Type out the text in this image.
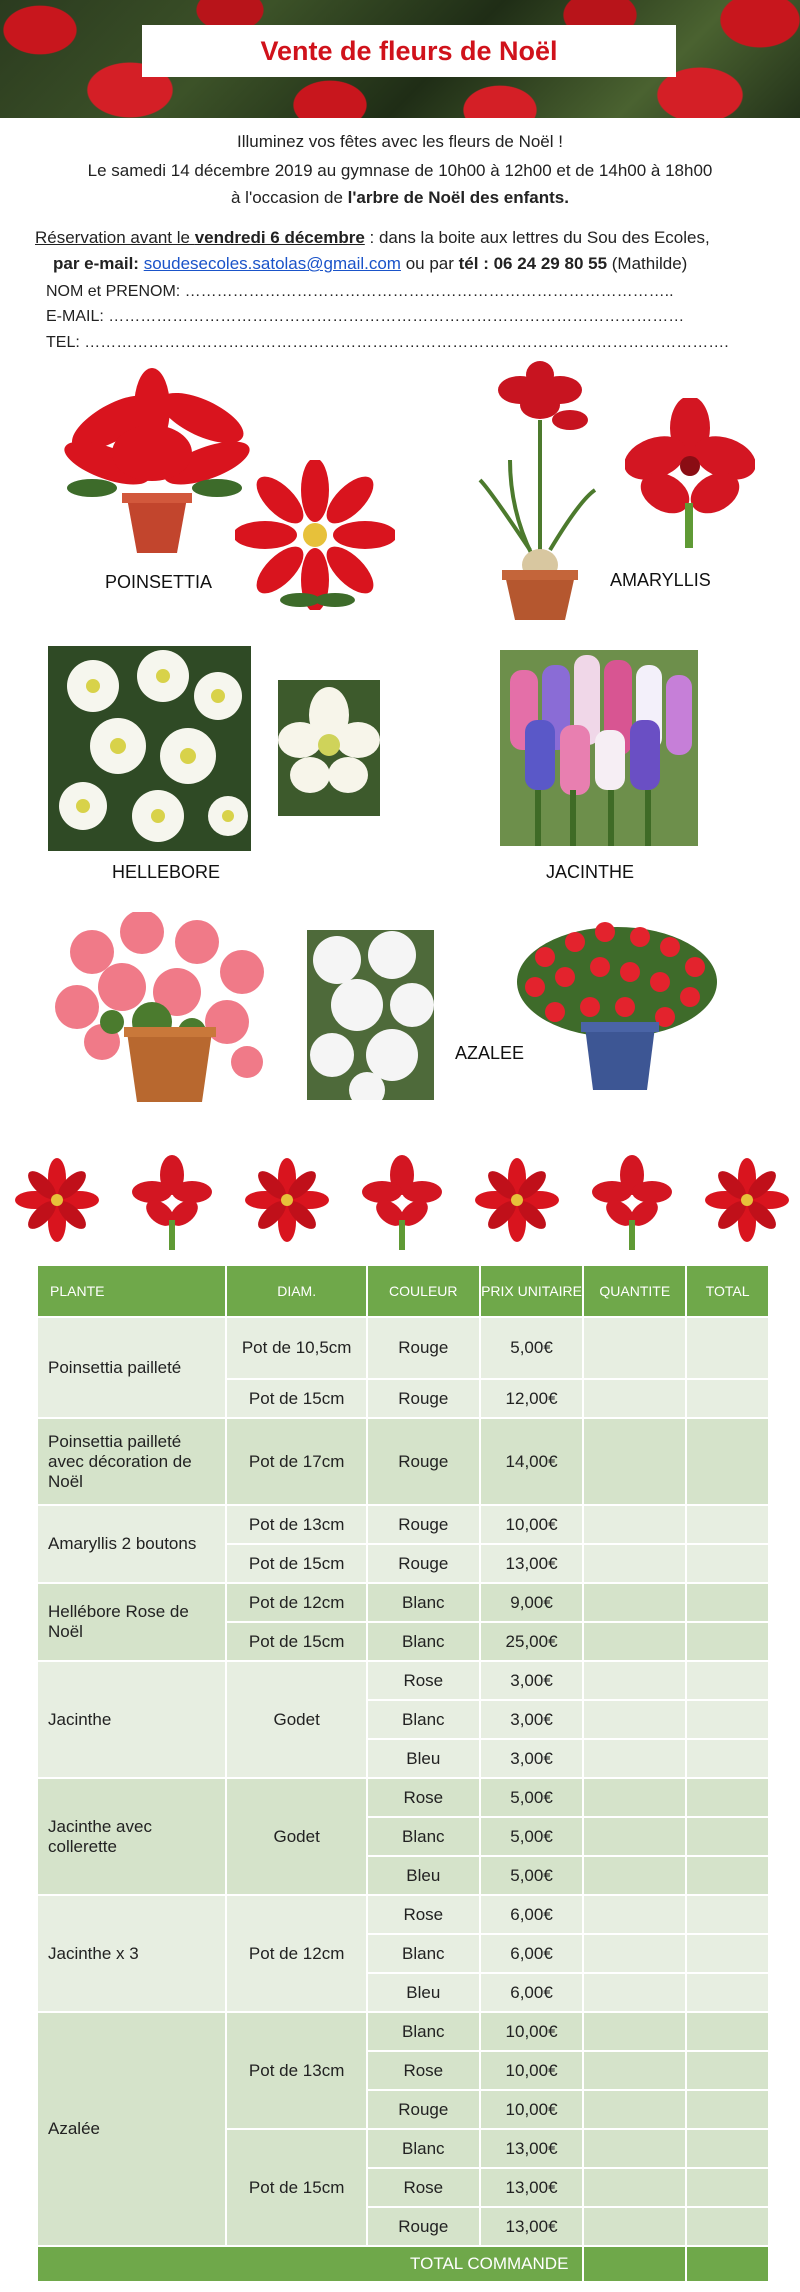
Vente de fleurs de Noël
Illuminez vos fêtes avec les fleurs de Noël !
Le samedi 14 décembre 2019 au gymnase de 10h00 à 12h00 et de 14h00 à 18h00
à l'occasion de l'arbre de Noël des enfants.
Réservation avant le vendredi 6 décembre : dans la boite aux lettres du Sou des Ecoles,
par e-mail: soudesecoles.satolas@gmail.com ou par tél : 06 24 29 80 55 (Mathilde)
NOM et PRENOM: ………………………………………………………………………………..
E-MAIL: ………………………………………………………………………………………………
TEL: ………………………………………………………………………………………………………….
POINSETTIA	AMARYLLIS
HELLEBORE	JACINTHE
AZALEE
PLANTE	DIAM.	COULEUR	PRIX UNITAIRE	QUANTITE	TOTAL
Poinsettia pailleté	Pot de 10,5cm	Rouge	5,00€		
	Pot de 15cm	Rouge	12,00€		
Poinsettia pailleté avec décoration de Noël	Pot de 17cm	Rouge	14,00€		
Amaryllis 2 boutons	Pot de 13cm	Rouge	10,00€		
	Pot de 15cm	Rouge	13,00€		
Hellébore Rose de Noël	Pot de 12cm	Blanc	9,00€		
	Pot de 15cm	Blanc	25,00€		
Jacinthe	Godet	Rose	3,00€		
		Blanc	3,00€		
		Bleu	3,00€		
Jacinthe avec collerette	Godet	Rose	5,00€		
		Blanc	5,00€		
		Bleu	5,00€		
Jacinthe x 3	Pot de 12cm	Rose	6,00€		
		Blanc	6,00€		
		Bleu	6,00€		
Azalée	Pot de 13cm	Blanc	10,00€		
		Rose	10,00€		
		Rouge	10,00€		
	Pot de 15cm	Blanc	13,00€		
		Rose	13,00€		
		Rouge	13,00€		
TOTAL COMMANDE					
